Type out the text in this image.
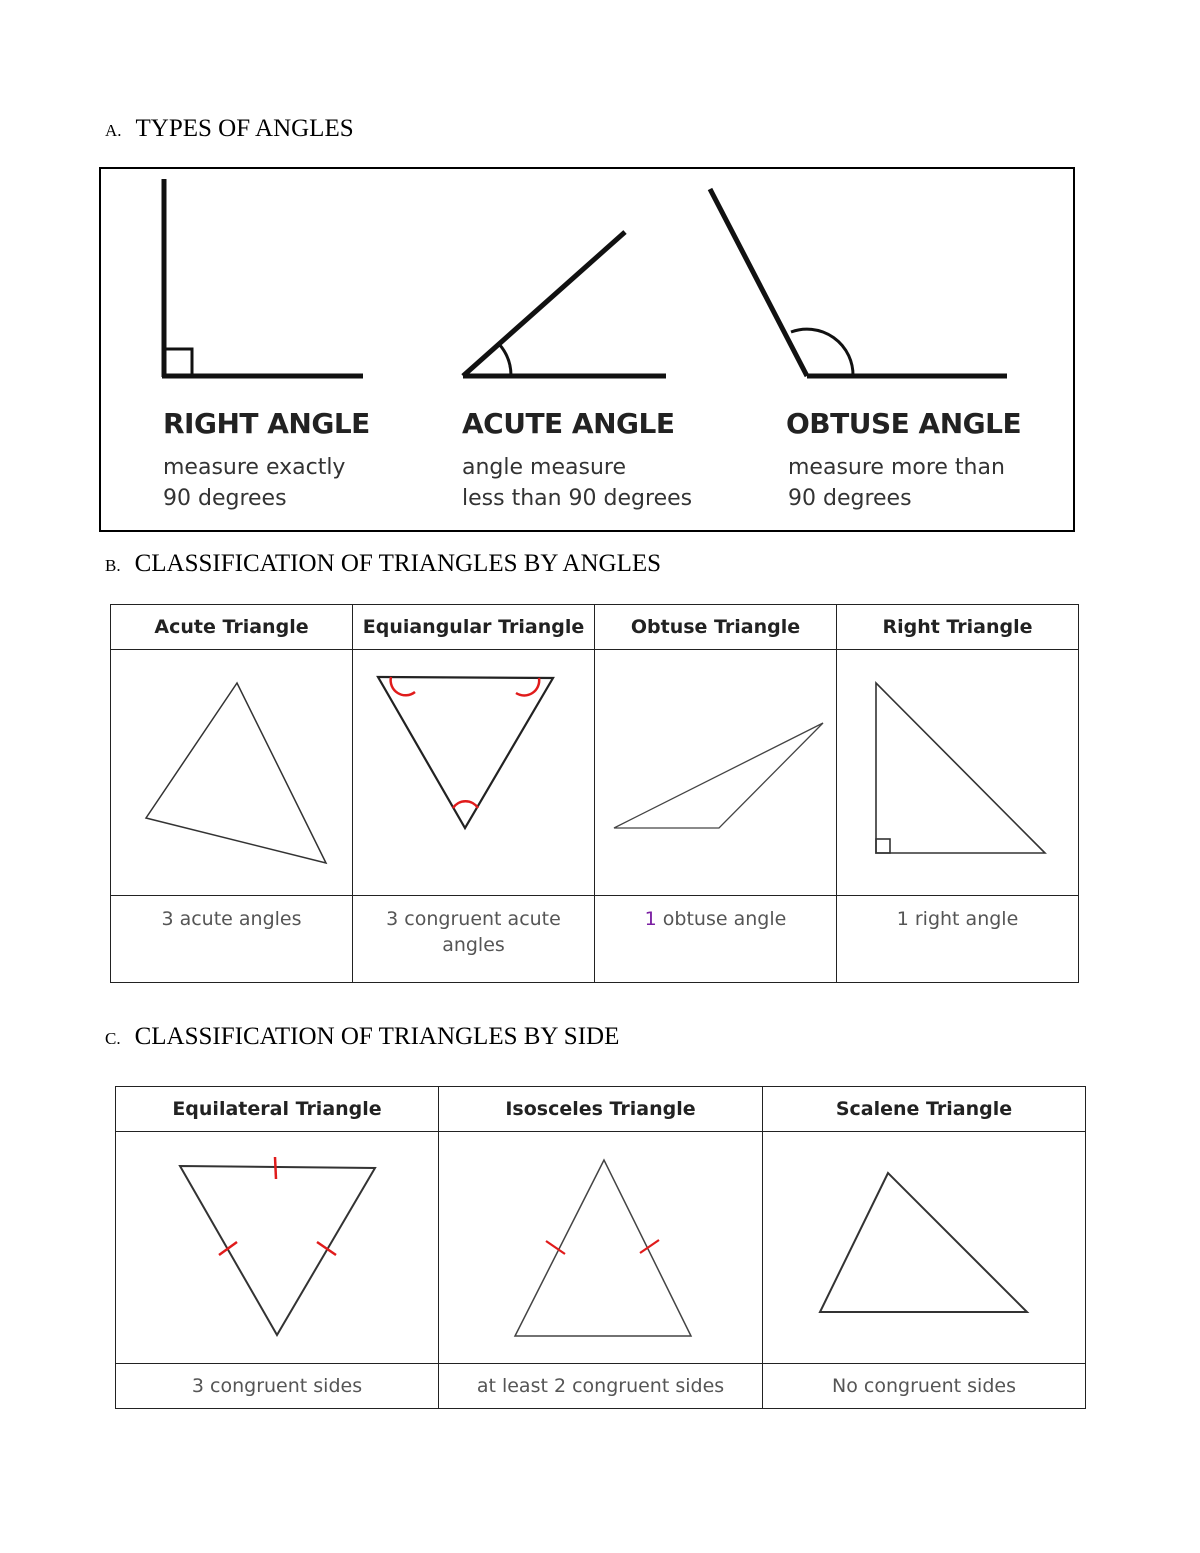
A. TYPES OF ANGLES
RIGHT ANGLE
measure exactly
90 degrees
ACUTE ANGLE
angle measure
less than 90 degrees
OBTUSE ANGLE
measure more than
90 degrees
B. CLASSIFICATION OF TRIANGLES BY ANGLES
Acute Triangle	Equiangular Triangle	Obtuse Triangle	Right Triangle

3 acute angles	3 congruent acute angles	1 obtuse angle	1 right angle
C. CLASSIFICATION OF TRIANGLES BY SIDE
Equilateral Triangle	Isosceles Triangle	Scalene Triangle

3 congruent sides	at least 2 congruent sides	No congruent sides
